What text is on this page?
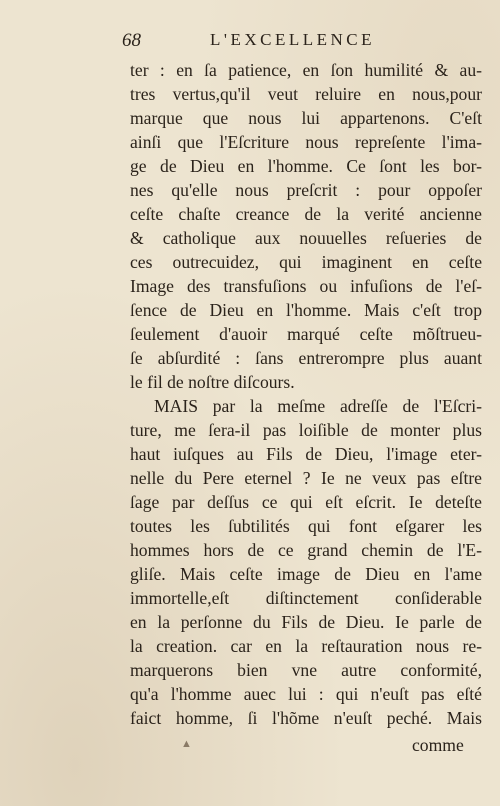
68	L'EXCELLENCE
ter : en ſa patience, en ſon humilité & au-
tres vertus,qu'il veut reluire en nous,pour
marque que nous lui appartenons. C'eſt
ainſi que l'Eſcriture nous repreſente l'ima-
ge de Dieu en l'homme. Ce ſont les bor-
nes qu'elle nous preſcrit : pour oppoſer
ceſte chaſte creance de la verité ancienne
& catholique aux nouuelles reſueries de
ces outrecuidez, qui imaginent en ceſte
Image des transfuſions ou infuſions de l'eſ-
ſence de Dieu en l'homme. Mais c'eſt trop
ſeulement d'auoir marqué ceſte mõſtrueu-
ſe abſurdité : ſans entrerompre plus auant
le fil de noſtre diſcours.
MAIS par la meſme adreſſe de l'Eſcri-
ture, me ſera-il pas loiſible de monter plus
haut iuſques au Fils de Dieu, l'image eter-
nelle du Pere eternel ? Ie ne veux pas eſtre
ſage par deſſus ce qui eſt eſcrit. Ie deteſte
toutes les ſubtilités qui font eſgarer les
hommes hors de ce grand chemin de l'E-
gliſe. Mais ceſte image de Dieu en l'ame
immortelle,eſt diſtinctement conſiderable
en la perſonne du Fils de Dieu. Ie parle de
la creation. car en la reſtauration nous re-
marquerons bien vne autre conformité,
qu'a l'homme auec lui : qui n'euſt pas eſté
faict homme, ſi l'hõme n'euſt peché. Mais
▲	comme
